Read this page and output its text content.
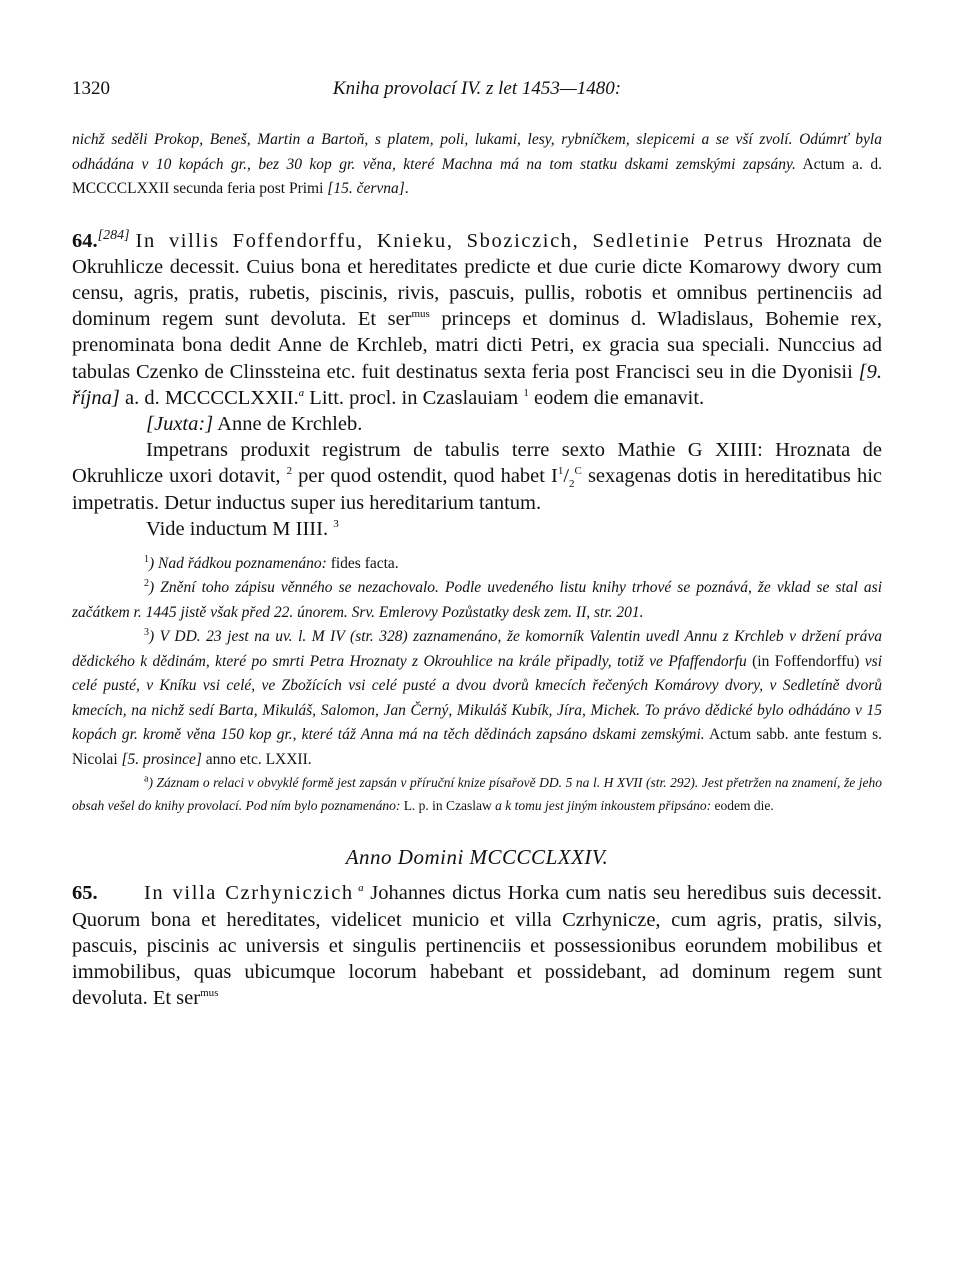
1320	Kniha provolací IV. z let 1453—1480:

nichž seděli Prokop, Beneš, Martin a Bartoň, s platem, poli, lukami, lesy, rybníčkem, slepicemi a se vší zvolí. Odúmrť byla odhádána v 10 kopách gr., bez 30 kop gr. věna, které Machna má na tom statku dskami zemskými zapsány. Actum a. d. MCCCCLXXII secunda feria post Primi [15. června].

64.[284] In villis Foffendorffu, Knieku, Sboziczich, Sedletinie Petrus Hroznata de Okruhlicze decessit. Cuius bona et hereditates predicte et due curie dicte Komarowy dwory cum censu, agris, pratis, rubetis, piscinis, rivis, pascuis, pullis, robotis et omnibus pertinenciis ad dominum regem sunt devoluta. Et ser$^{mus}$ princeps et dominus d. Wladislaus, Bohemie rex, prenominata bona dedit Anne de Krchleb, matri dicti Petri, ex gracia sua speciali. Nunccius ad tabulas Czenko de Clinssteina etc. fuit destinatus sexta feria post Francisci seu in die Dyonisii [9. října] a. d. MCCCCLXXII.$^a$ Litt. procl. in Czaslauiam $^1$ eodem die emanavit.

[Juxta:] Anne de Krchleb.

Impetrans produxit registrum de tabulis terre sexto Mathie G XIIII: Hroznata de Okruhlicze uxori dotavit, $^2$ per quod ostendit, quod habet $I^1/_2^C$ sexagenas dotis in hereditatibus hic impetratis. Detur inductus super ius hereditarium tantum.

Vide inductum M IIII. $^3$

$^1$) Nad řádkou poznamenáno: fides facta.

$^2$) Znění toho zápisu věnného se nezachovalo. Podle uvedeného listu knihy trhové se poznává, že vklad se stal asi začátkem r. 1445 jistě však před 22. únorem. Srv. Emlerovy Pozůstatky desk zem. II, str. 201.

$^3$) V DD. 23 jest na uv. l. M IV (str. 328) zaznamenáno, že komorník Valentin uvedl Annu z Krchleb v držení práva dědického k dědinám, které po smrti Petra Hroznaty z Okrouhlice na krále připadly, totiž ve Pfaffendorfu (in Foffendorffu) vsi celé pusté, v Kníku vsi celé, ve Zbožících vsi celé pusté a dvou dvorů kmecích řečených Komárovy dvory, v Sedletíně dvorů kmecích, na nichž sedí Barta, Mikuláš, Salomon, Jan Černý, Mikuláš Kubík, Jíra, Michek. To právo dědické bylo odhádáno v 15 kopách gr. kromě věna 150 kop gr., které táž Anna má na těch dědinách zapsáno dskami zemskými. Actum sabb. ante festum s. Nicolai [5. prosince] anno etc. LXXII.

$^a$) Záznam o relaci v obvyklé formě jest zapsán v příruční knize písařově DD. 5 na l. H XVII (str. 292). Jest přetržen na znamení, že jeho obsah vešel do knihy provolací. Pod ním bylo poznamenáno: L. p. in Czaslaw a k tomu jest jiným inkoustem připsáno: eodem die.

Anno Domini MCCCCLXXIV.

65. In villa Czrhyniczich $^a$ Johannes dictus Horka cum natis seu heredibus suis decessit. Quorum bona et hereditates, videlicet municio et villa Czrhynicze, cum agris, pratis, silvis, pascuis, piscinis ac universis et singulis pertinenciis et possessionibus eorundem mobilibus et immobilibus, quas ubicumque locorum habebant et possidebant, ad dominum regem sunt devoluta. Et ser$^{mus}$
